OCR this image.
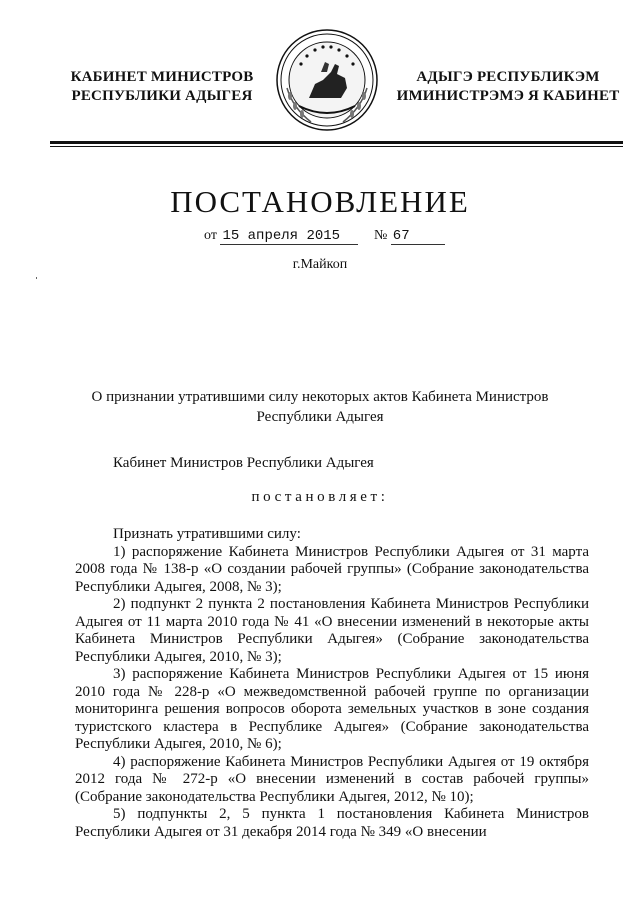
КАБИНЕТ МИНИСТРОВ
РЕСПУБЛИКИ АДЫГЕЯ
АДЫГЭ РЕСПУБЛИКЭМ
ИМИНИСТРЭМЭ Я КАБИНЕТ
ПОСТАНОВЛЕНИЕ
от 15 апреля 2015 № 67
г.Майкоп
О признании утратившими силу некоторых актов Кабинета Министров Республики Адыгея
Кабинет Министров Республики Адыгея
постановляет:

Признать утратившими силу:

1) распоряжение Кабинета Министров Республики Адыгея от 31 марта 2008 года № 138-р «О создании рабочей группы» (Собрание законодательства Республики Адыгея, 2008, № 3);

2) подпункт 2 пункта 2 постановления Кабинета Министров Республики Адыгея от 11 марта 2010 года № 41 «О внесении изменений в некоторые акты Кабинета Министров Республики Адыгея» (Собрание законодательства Республики Адыгея, 2010, № 3);

3) распоряжение Кабинета Министров Республики Адыгея от 15 июня 2010 года № 228-р «О межведомственной рабочей группе по организации мониторинга решения вопросов оборота земельных участков в зоне создания туристского кластера в Республике Адыгея» (Собрание законодательства Республики Адыгея, 2010, № 6);

4) распоряжение Кабинета Министров Республики Адыгея от 19 октября 2012 года № 272-р «О внесении изменений в состав рабочей группы» (Собрание законодательства Республики Адыгея, 2012, № 10);

5) подпункты 2, 5 пункта 1 постановления Кабинета Министров Республики Адыгея от 31 декабря 2014 года № 349 «О внесении
